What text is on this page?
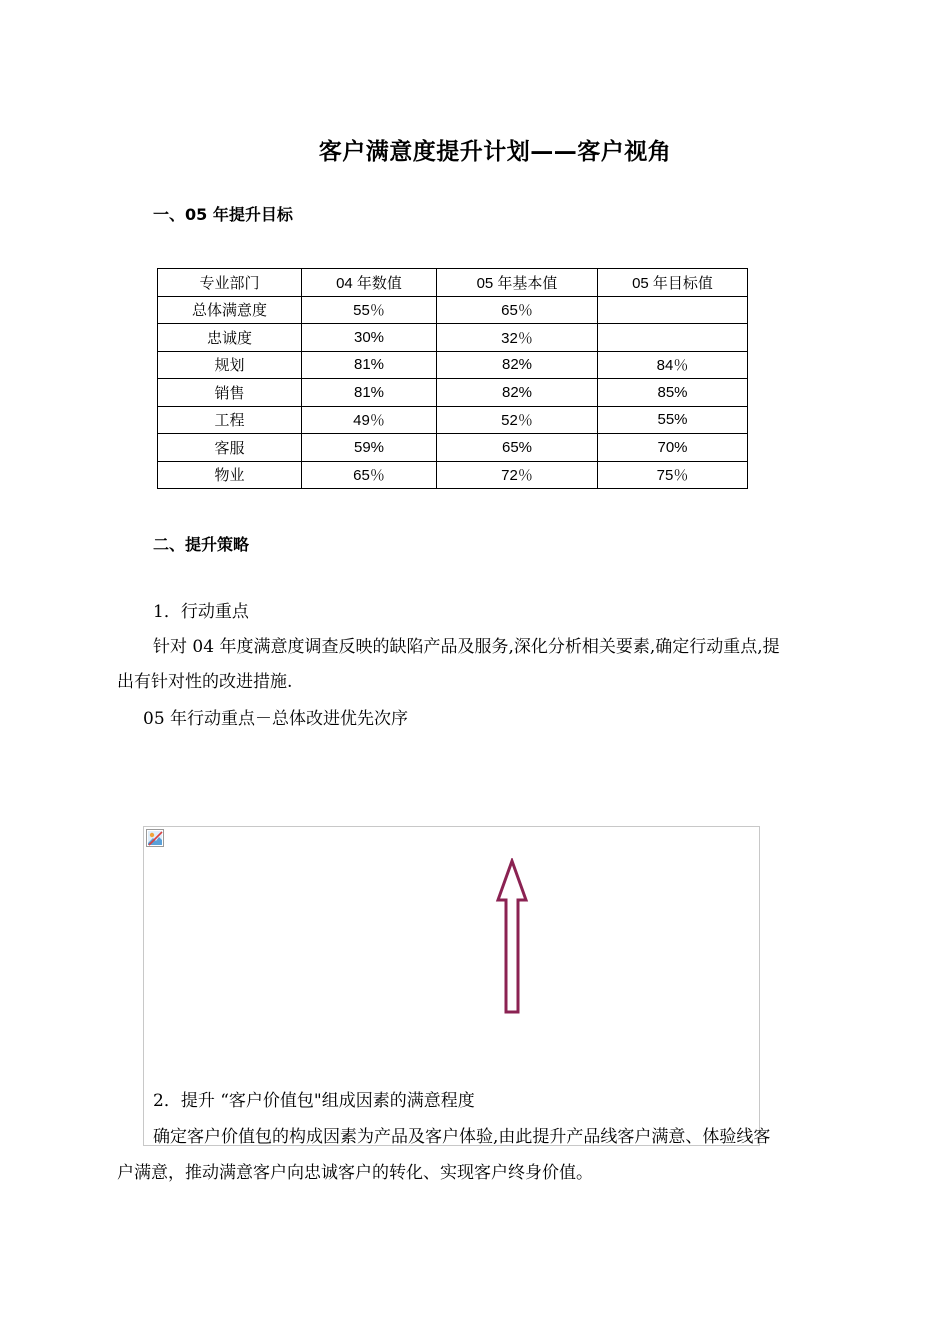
客户满意度提升计划——客户视角
一、05 年提升目标
专业部门	04 年数值	05 年基本值	05 年目标值
总体满意度	55％	65％	
忠诚度	30%	32％	
规划	81%	82%	84％
销售	81%	82%	85%
工程	49％	52％	55%
客服	59%	65%	70%
物业	65％	72％	75％
二、提升策略
1．行动重点
针对 04 年度满意度调查反映的缺陷产品及服务,深化分析相关要素,确定行动重点,提
出有针对性的改进措施.
05 年行动重点－总体改进优先次序
2．提升 “客户价值包"组成因素的满意程度
确定客户价值包的构成因素为产品及客户体验,由此提升产品线客户满意、体验线客
户满意，推动满意客户向忠诚客户的转化、实现客户终身价值。
